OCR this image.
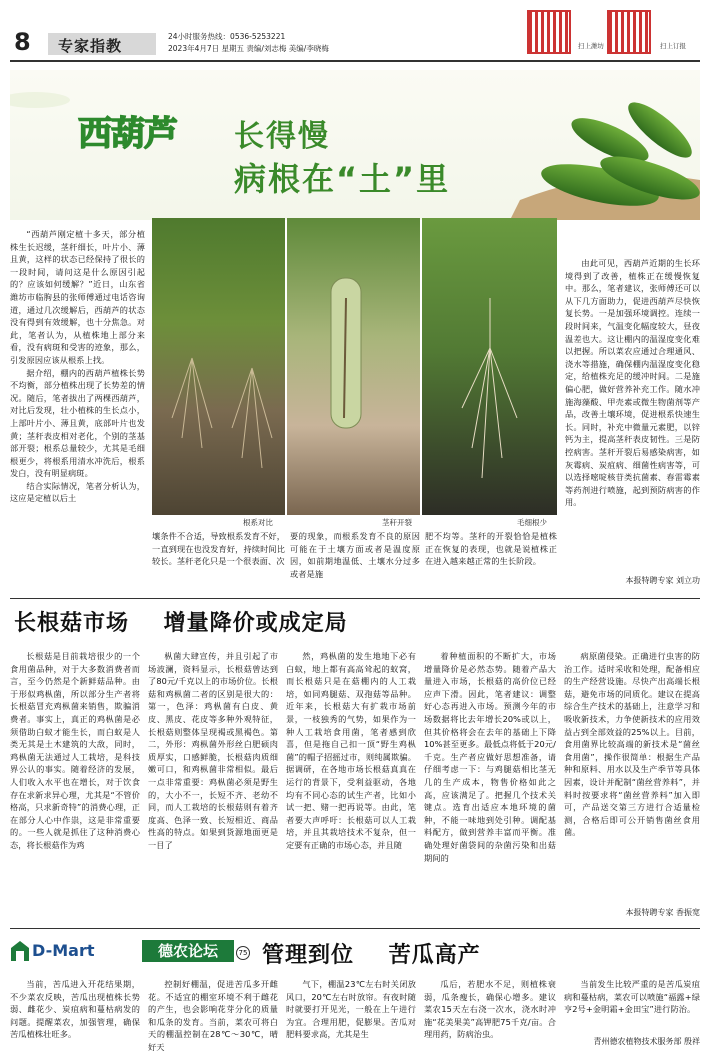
8	专家指教
24小时服务热线：0536-5253221
2023年4月7日 星期五 责编/刘志梅 美编/李晓梅	扫上潍坊	扫上订报
西葫芦 长得慢
病根在“土”里

“西葫芦刚定植十多天，部分植株生长迟缓，茎秆细长，叶片小、薄且黄，这样的状态已经保持了很长的一段时间，请问这是什么原因引起的？应该如何缓解？”近日，山东省潍坊市临朐县的张师傅通过电话咨询道，通过几次缓解后，西葫芦的状态没有得到有效缓解，也十分焦急。对此，笔者认为，从植株地上部分来看，没有病斑和受害的迹象，那么，引发原因应该从根系上找。

据介绍，棚内的西葫芦植株长势不均衡，部分植株出现了长势差的情况。随后，笔者拔出了两棵西葫芦，对比后发现，壮小植株的生长点小，上部叶片小、薄且黄，底部叶片也发黄；茎秆表皮相对老化，个别的茎基部开裂；根系总量较少，尤其是毛细根更少，将根系用清水冲洗后，根系发白，没有明显病斑。

结合实际情况，笔者分析认为，这应是定植以后土

根系对比	茎秆开裂	毛细根少
壤条件不合适，导致根系发育不好，一直到现在也没发育好，持续时间比较长。茎秆老化只是一个很表面、次
要的现象，而根系发育不良的原因可能在于土壤方面或者是温度原因，如前期地温低、土壤水分过多或者是施
肥不均等。茎秆的开裂恰恰是植株正在恢复的表现，也就是说植株正在进入越来越正常的生长阶段。

由此可见，西葫芦近期的生长环境得到了改善，植株正在缓慢恢复中。那么，笔者建议，张师傅还可以从下几方面助力，促进西葫芦尽快恢复长势。一是加强环境调控。连续一段时间来，气温变化幅度较大，昼夜温差也大。这让棚内的温湿度变化难以把握。所以菜农应通过合理通风、浇水等措施，确保棚内温湿度变化稳定，给植株充足的缓冲时间。二是施偏心肥，做好营养补充工作。随水冲施海藻酸、甲壳素或微生物菌剂等产品，改善土壤环境，促进根系快速生长。同时，补充中微量元素肥，以锌钙为主，提高茎秆表皮韧性。三是防控病害。茎秆开裂后易感染病害，如灰霉病、炭疽病、细菌性病害等，可以选择嘧啶核苷类抗菌素、春雷霉素等药剂进行喷施，起到预防病害的作用。

本报特聘专家 刘立功
长根菇市场    增量降价或成定局

长根菇是目前栽培很少的一个食用菌品种，对于大多数消费者而言，至今仍然是个新鲜菇品种。由于形似鸡枞菌，所以部分生产者将长根菇冒充鸡枞菌来销售，欺骗消费者。事实上，真正的鸡枞菌是必须借助白蚁才能生长，而白蚁是人类无其是土木建筑的大敌，同时，鸡枞菌无法通过人工栽培，是科技界公认的事实。随着经济的发展，人们收入水平也在增长，对于饮食存在求新求异心理，尤其是“不管价格高，只求新奇特”的消费心理，正在部分人心中作祟，这是非常重要的。一些人就是抓住了这种消费心态，将长根菇作为鸡

枞菌大肆宣传，并且引起了市场波澜，资料显示，长根菇曾达到了80元/千克以上的市场价位。长根菇和鸡枞菌二者的区别是很大的：第一，色泽：鸡枞菌有白皮、黄皮、黑皮、花皮等多种外观特征，长根菇则整体呈现褐或黑褐色。第二，外形：鸡枞菌外形丝白肥硕肉质厚实，口感鲜脆，长根菇肉质细嫩可口，和鸡枞菌非常相似。最后一点非常重要：鸡枞菌必须是野生的，大小不一，长短不齐、老幼不同，而人工栽培的长根菇则有着齐度高、色泽一致、长短相近、商品性高的特点。如果到货源地面更是一目了

然，鸡枞菌的发生地地下必有白蚁，地上都有高高耸起的蚁窝，而长根菇只是在菇棚内的人工栽培，如同鸡腿菇、双孢菇等品种。近年来，长根菇大有扩栽市场前景，一枝独秀的气势，如果作为一种人工栽培食用菌，笔者感到欣喜，但是拖自己扣一顶“野生鸡枞菌”的帽子招摇过市，则纯属欺骗。据调研，在各地市场长根菇真真在运行的背景下，受利益驱动，各地均有不同心态的试生产者，比如小试一把、赌一把再说等。由此，笔者要大声呼吁：长根菇可以人工栽培，并且其栽培技术不复杂，但一定要有正确的市场心态，并且随

着种植面积的不断扩大，市场增量降价是必然态势。随着产品大量进入市场，长根菇的高价位已经应声下滑。因此，笔者建议：调整好心态再进入市场。预测今年的市场数据将比去年增长20%或以上，但其价格将会在去年的基础上下降10%甚至更多。最低点将低于20元/千克。生产者应做好思想准备，请仔细考虑一下：与鸡腿菇相比茎无几的生产成本，物售价格如此之高，应该满足了。把握几个技术关键点。选育出适应本地环境的菌种，不能一味地到处引种。调配基料配方，做到营养丰富而平衡。准确处理好菌袋间的杂菌污染和出菇期间的

病原菌侵染。正确进行虫害的防治工作。适时采收和处理，配备相应的生产经营设施。尽快产出高端长根菇，避免市场的同质化。建议在提高综合生产技术的基础上，注意学习和吸收新技术，力争使新技术的应用效益占到全部效益的25%以上。目前，食用菌界比较高端的新技术是“菌丝食用菌”，操作很简单：根据生产品种和原料、用水以及生产季节等具体因素，设计并配制“菌丝营养料”，并料时按要求将“菌丝营养料”加入即可，产品送交第三方进行合适量检测，合格后即可公开销售菌丝食用菌。

本报特聘专家 香振宽
D-Mart	德农论坛	75 管理到位    苦瓜高产

当前，苦瓜进入开花结果期，不少菜农反映，苦瓜出现植株长势弱、雌花少、炭疽病和蔓枯病发的问题。提醒菜农，加强管理，确保苦瓜植株壮旺多。

控制好棚温，促进苦瓜多开雌花。不适宜的棚室环境不利于雌花的产生，也会影响花芽分化的质量和瓜条的发育。当前，菜农可将白天的棚温控制在28℃～30℃，晴好天

气下，棚温23℃左右时关闭放风口，20℃左右时放帘。有夜时随时就要打开见光，一般在上午进行为宜。合理用肥，促膨果。苦瓜对肥料要求高，尤其是生

瓜后，若肥水不足，则植株衰弱，瓜条瘦长，确保心增多。建议菜农15天左右浇一次水，浇水时冲施“花美果美”高钾肥75千克/亩。合理用药，防病治虫。

当前发生比较严重的是苦瓜炭疽病和蔓枯病，菜农可以喷施“福露+绿亨2号+金明霜+金田宝”进行防治。

青州德农植物技术服务部 殷祥
